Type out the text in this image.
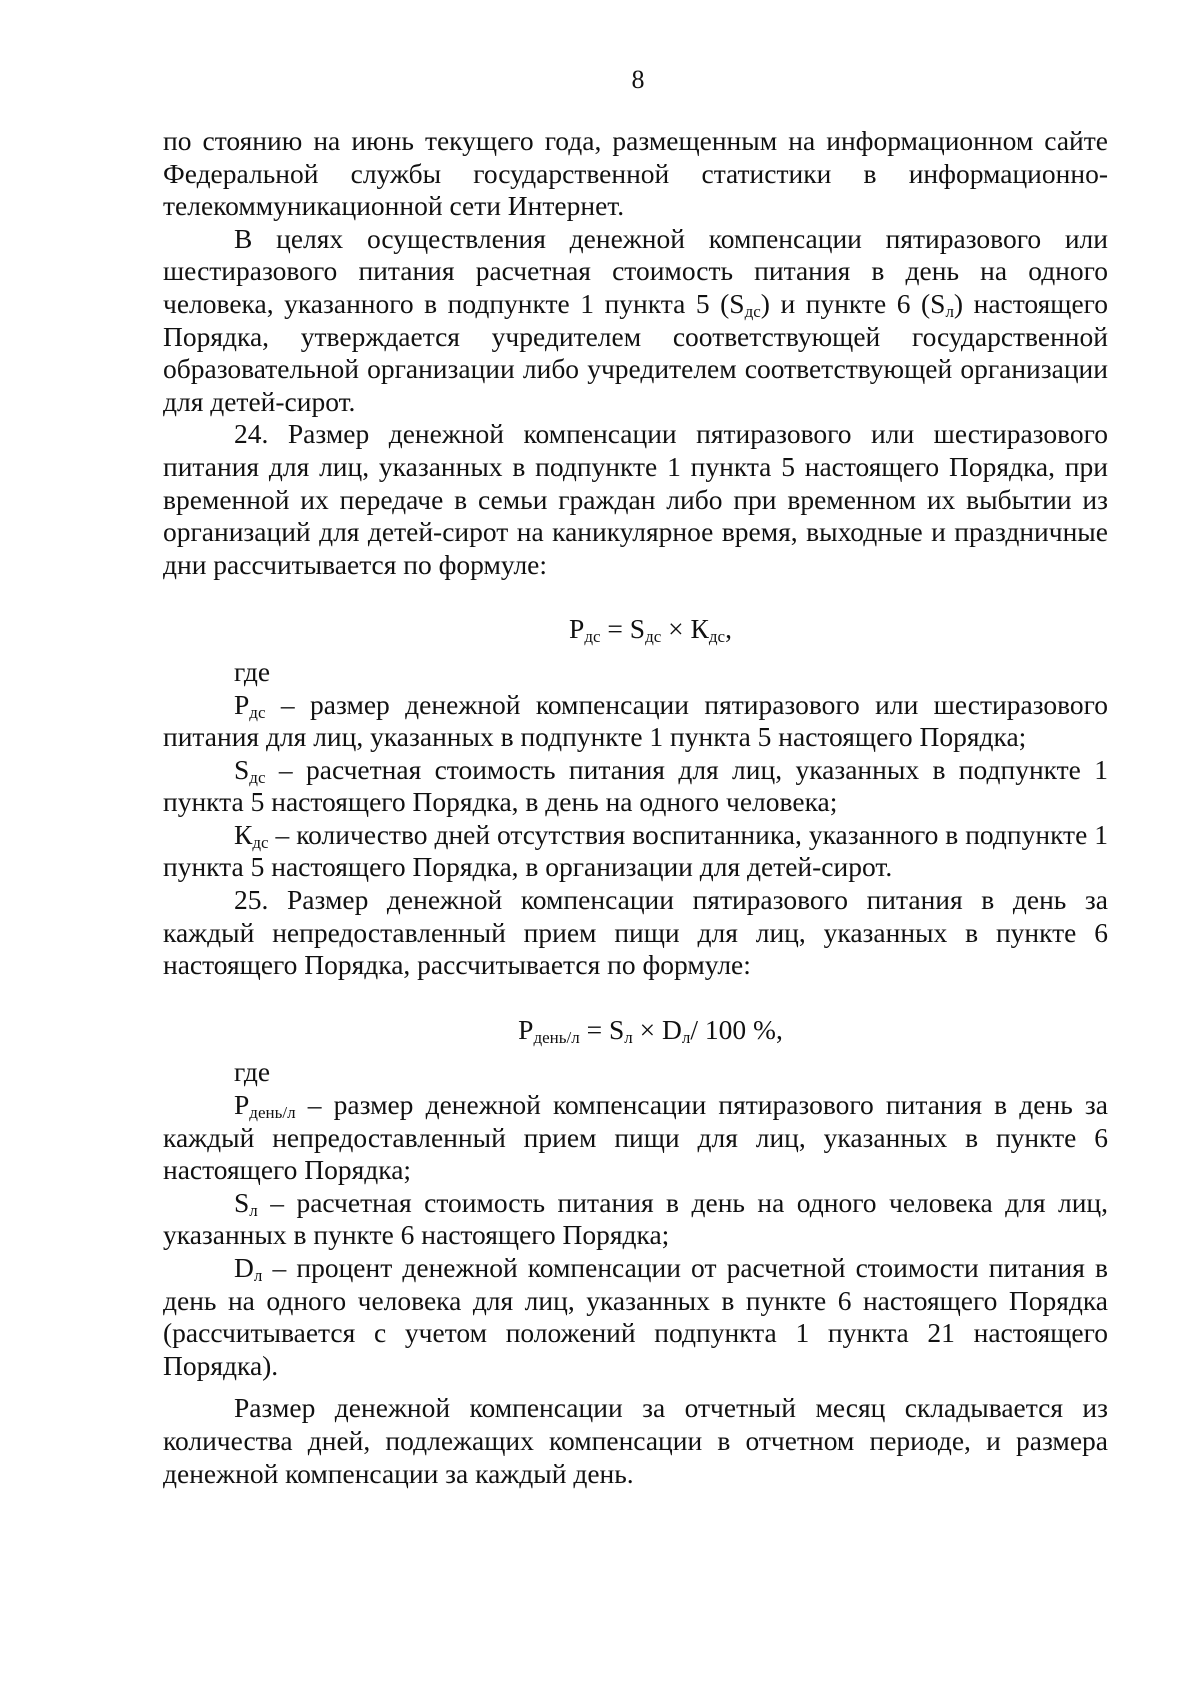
8

по стоянию на июнь текущего года, размещенным на информационном сайте Федеральной службы государственной статистики в информационно-телекоммуникационной сети Интернет.

В целях осуществления денежной компенсации пятиразового или шестиразового питания расчетная стоимость питания в день на одного человека, указанного в подпункте 1 пункта 5 $(S_{дс})$ и пункте 6 $(S_л)$ настоящего Порядка, утверждается учредителем соответствующей государственной образовательной организации либо учредителем соответствующей организации для детей-сирот.

24. Размер денежной компенсации пятиразового или шестиразового питания для лиц, указанных в подпункте 1 пункта 5 настоящего Порядка, при временной их передаче в семьи граждан либо при временном их выбытии из организаций для детей-сирот на каникулярное время, выходные и праздничные дни рассчитывается по формуле:

$Р_{дс} = S_{дс} \times К_{дс}$,

где

$Р_{дс}$ – размер денежной компенсации пятиразового или шестиразового питания для лиц, указанных в подпункте 1 пункта 5 настоящего Порядка;

$S_{дс}$ – расчетная стоимость питания для лиц, указанных в подпункте 1 пункта 5 настоящего Порядка, в день на одного человека;

$К_{дс}$ – количество дней отсутствия воспитанника, указанного в подпункте 1 пункта 5 настоящего Порядка, в организации для детей-сирот.

25. Размер денежной компенсации пятиразового питания в день за каждый непредоставленный прием пищи для лиц, указанных в пункте 6 настоящего Порядка, рассчитывается по формуле:

$Р_{день/л} = S_л \times D_л/$ 100 %,

где

$Р_{день/л}$ – размер денежной компенсации пятиразового питания в день за каждый непредоставленный прием пищи для лиц, указанных в пункте 6 настоящего Порядка;

$S_л$ – расчетная стоимость питания в день на одного человека для лиц, указанных в пункте 6 настоящего Порядка;

$D_л$ – процент денежной компенсации от расчетной стоимости питания в день на одного человека для лиц, указанных в пункте 6 настоящего Порядка (рассчитывается с учетом положений подпункта 1 пункта 21 настоящего Порядка).

Размер денежной компенсации за отчетный месяц складывается из количества дней, подлежащих компенсации в отчетном периоде, и размера денежной компенсации за каждый день.
